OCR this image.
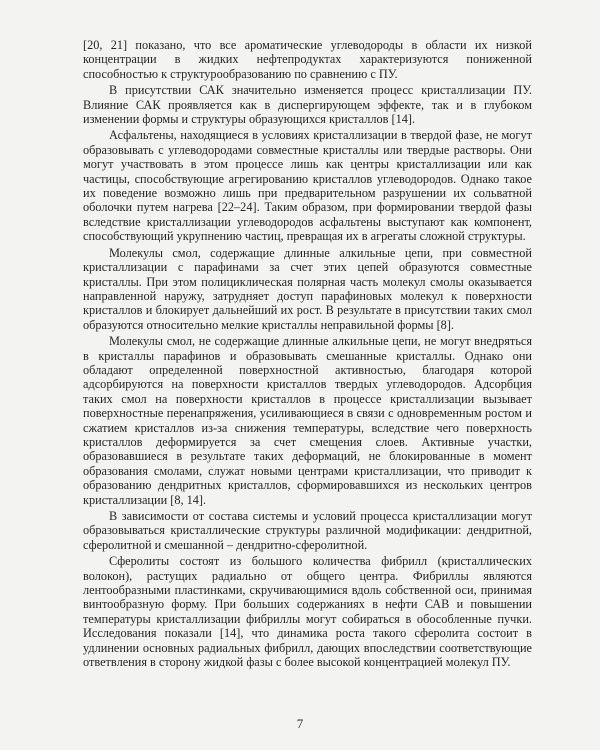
[20, 21] показано, что все ароматические углеводороды в области их низкой концентрации в жидких нефтепродуктах характеризуются пониженной способностью к структурообразованию по сравнению с ПУ.

В присутствии САК значительно изменяется процесс кристаллизации ПУ. Влияние САК проявляется как в диспергирующем эффекте, так и в глубоком изменении формы и структуры образующихся кристаллов [14].

Асфальтены, находящиеся в условиях кристаллизации в твердой фазе, не могут образовывать с углеводородами совместные кристаллы или твердые растворы. Они могут участвовать в этом процессе лишь как центры кристаллизации или как частицы, способствующие агрегированию кристаллов углеводородов. Однако такое их поведение возможно лишь при предварительном разрушении их сольватной оболочки путем нагрева [22–24]. Таким образом, при формировании твердой фазы вследствие кристаллизации углеводородов асфальтены выступают как компонент, способствующий укрупнению частиц, превращая их в агрегаты сложной структуры.

Молекулы смол, содержащие длинные алкильные цепи, при совместной кристаллизации с парафинами за счет этих цепей образуются совместные кристаллы. При этом полициклическая полярная часть молекул смолы оказывается направленной наружу, затрудняет доступ парафиновых молекул к поверхности кристаллов и блокирует дальнейший их рост. В результате в присутствии таких смол образуются относительно мелкие кристаллы неправильной формы [8].

Молекулы смол, не содержащие длинные алкильные цепи, не могут внедряться в кристаллы парафинов и образовывать смешанные кристаллы. Однако они обладают определенной поверхностной активностью, благодаря которой адсорбируются на поверхности кристаллов твердых углеводородов. Адсорбция таких смол на поверхности кристаллов в процессе кристаллизации вызывает поверхностные перенапряжения, усиливающиеся в связи с одновременным ростом и сжатием кристаллов из-за снижения температуры, вследствие чего поверхность кристаллов деформируется за счет смещения слоев. Активные участки, образовавшиеся в результате таких деформаций, не блокированные в момент образования смолами, служат новыми центрами кристаллизации, что приводит к образованию дендритных кристаллов, сформировавшихся из нескольких центров кристаллизации [8, 14].

В зависимости от состава системы и условий процесса кристаллизации могут образовываться кристаллические структуры различной модификации: дендритной, сферолитной и смешанной – дендритно-сферолитной.

Сферолиты состоят из большого количества фибрилл (кристаллических волокон), растущих радиально от общего центра. Фибриллы являются лентообразными пластинками, скручивающимися вдоль собственной оси, принимая винтообразную форму. При больших содержаниях в нефти САВ и повышении температуры кристаллизации фибриллы могут собираться в обособленные пучки. Исследования показали [14], что динамика роста такого сферолита состоит в удлинении основных радиальных фибрилл, дающих впоследствии соответствующие ответвления в сторону жидкой фазы с более высокой концентрацией молекул ПУ.

7
